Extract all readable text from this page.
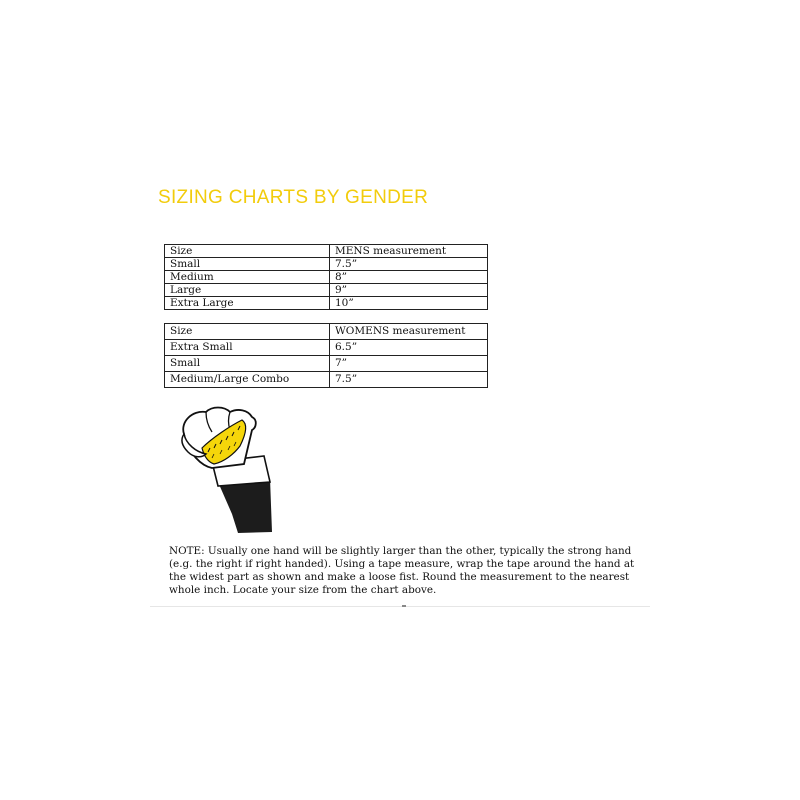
SIZING CHARTS BY GENDER
Size	MENS measurement
Small	7.5”
Medium	8”
Large	9”
Extra Large	10”
Size	WOMENS measurement
Extra Small	6.5”
Small	7”
Medium/Large Combo	7.5”
NOTE: Usually one hand will be slightly larger than the other, typically the strong hand (e.g. the right if right handed). Using a tape measure, wrap the tape around the hand at the widest part as shown and make a loose fist. Round the measurement to the nearest whole inch. Locate your size from the chart above.
